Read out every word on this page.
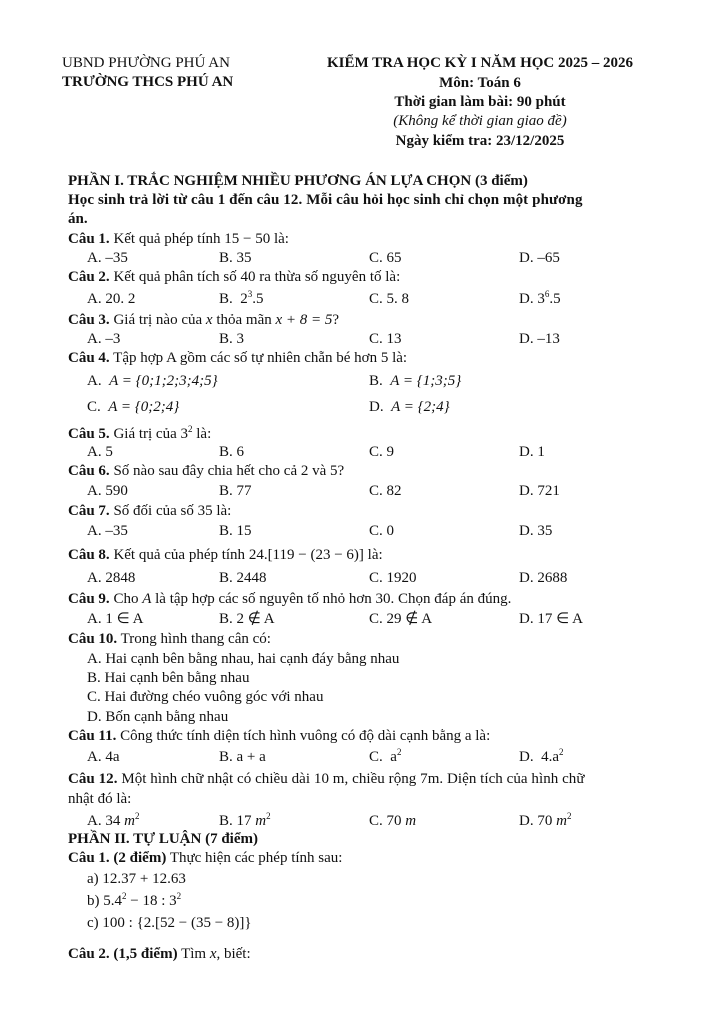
UBND PHƯỜNG PHÚ AN
TRƯỜNG THCS PHÚ AN
KIỂM TRA HỌC KỲ I NĂM HỌC 2025 – 2026
Môn: Toán 6
Thời gian làm bài: 90 phút
(Không kể thời gian giao đề)
Ngày kiểm tra: 23/12/2025
PHẦN I. TRẮC NGHIỆM NHIỀU PHƯƠNG ÁN LỰA CHỌN (3 điểm)
Học sinh trả lời từ câu 1 đến câu 12. Mỗi câu hỏi học sinh chỉ chọn một phương
án.
Câu 1. Kết quả phép tính 15 − 50 là:
A. –35	B. 35	C. 65	D. –65
Câu 2. Kết quả phân tích số 40 ra thừa số nguyên tố là:
A. 20. 2	B. $2^3.5$	C. 5. 8	D. $3^6.5$
Câu 3. Giá trị nào của x thỏa mãn x + 8 = 5?
A. –3	B. 3	C. 13	D. –13
Câu 4. Tập hợp A gồm các số tự nhiên chẵn bé hơn 5 là:
A. A = {0;1;2;3;4;5}	B. A = {1;3;5}
C. A = {0;2;4}	D. A = {2;4}
Câu 5. Giá trị của $3^2$ là:
A. 5	B. 6	C. 9	D. 1
Câu 6. Số nào sau đây chia hết cho cả 2 và 5?
A. 590	B. 77	C. 82	D. 721
Câu 7. Số đối của số 35 là:
A. –35	B. 15	C. 0	D. 35
Câu 8. Kết quả của phép tính 24.[119 − (23 − 6)] là:
A. 2848	B. 2448	C. 1920	D. 2688
Câu 9. Cho A là tập hợp các số nguyên tố nhỏ hơn 30. Chọn đáp án đúng.
A. 1 ∈ A	B. 2 ∉ A	C. 29 ∉ A	D. 17 ∈ A
Câu 10. Trong hình thang cân có:
A. Hai cạnh bên bằng nhau, hai cạnh đáy bằng nhau
B. Hai cạnh bên bằng nhau
C. Hai đường chéo vuông góc với nhau
D. Bốn cạnh bằng nhau
Câu 11. Công thức tính diện tích hình vuông có độ dài cạnh bằng a là:
A. 4a	B. a + a	C. $a^2$	D. $4.a^2$
Câu 12. Một hình chữ nhật có chiều dài 10 m, chiều rộng 7m. Diện tích của hình chữ
nhật đó là:
A. 34 $m^2$	B. 17 $m^2$	C. 70 m	D. 70 $m^2$
PHẦN II. TỰ LUẬN (7 điểm)
Câu 1. (2 điểm) Thực hiện các phép tính sau:
a) 12.37 + 12.63
b) $5.4^2 - 18$ : $3^2$
c) 100 : {2.[52 − (35 − 8)]}
Câu 2. (1,5 điểm) Tìm x, biết:
